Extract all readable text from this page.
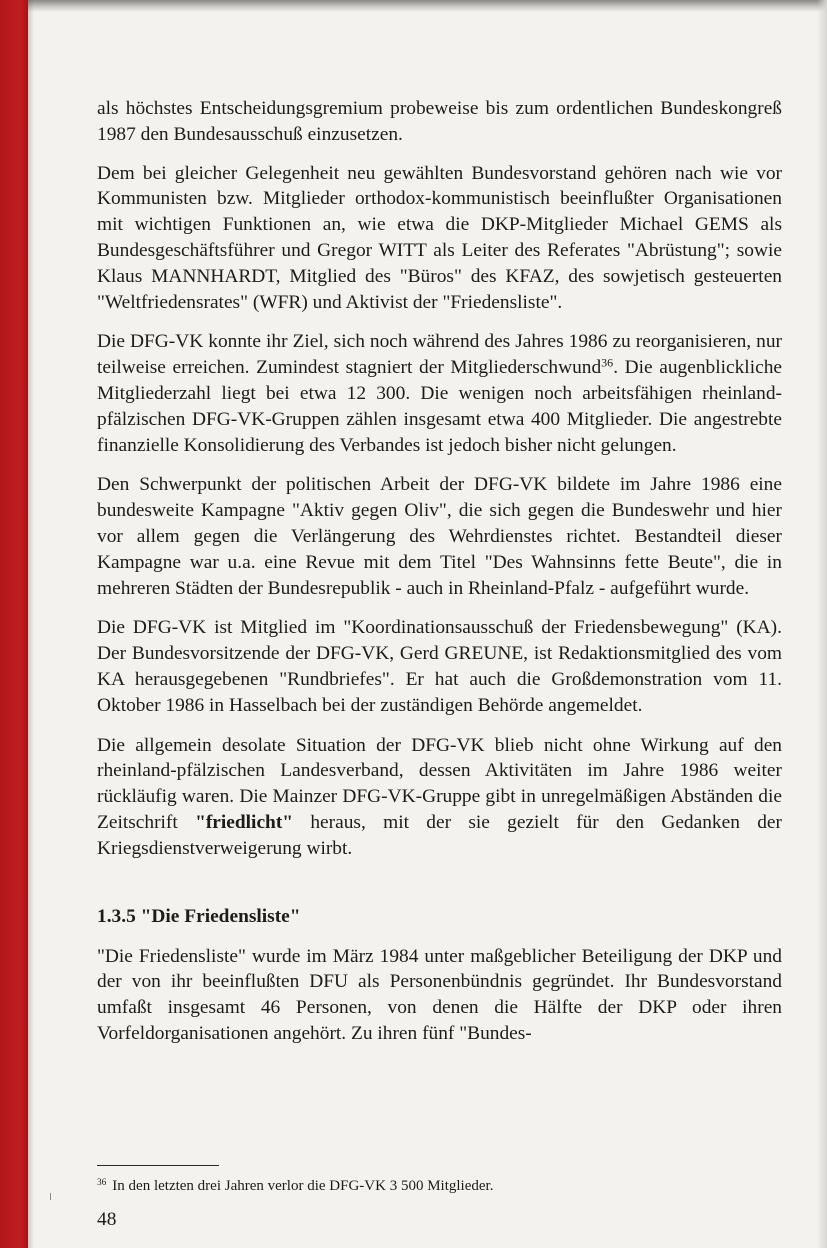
als höchstes Entscheidungsgremium probeweise bis zum ordentlichen Bundeskongreß 1987 den Bundesausschuß einzusetzen.

Dem bei gleicher Gelegenheit neu gewählten Bundesvorstand gehören nach wie vor Kommunisten bzw. Mitglieder orthodox-kommunistisch beeinflußter Organisationen mit wichtigen Funktionen an, wie etwa die DKP-Mitglieder Michael GEMS als Bundesgeschäftsführer und Gregor WITT als Leiter des Referates "Abrüstung"; sowie Klaus MANNHARDT, Mitglied des "Büros" des KFAZ, des sowjetisch gesteuerten "Weltfriedensrates" (WFR) und Aktivist der "Friedensliste".

Die DFG-VK konnte ihr Ziel, sich noch während des Jahres 1986 zu reorganisieren, nur teilweise erreichen. Zumindest stagniert der Mitgliederschwund$^{36}$. Die augenblickliche Mitgliederzahl liegt bei etwa 12 300. Die wenigen noch arbeitsfähigen rheinland-pfälzischen DFG-VK-Gruppen zählen insgesamt etwa 400 Mitglieder. Die angestrebte finanzielle Konsolidierung des Verbandes ist jedoch bisher nicht gelungen.

Den Schwerpunkt der politischen Arbeit der DFG-VK bildete im Jahre 1986 eine bundesweite Kampagne "Aktiv gegen Oliv", die sich gegen die Bundeswehr und hier vor allem gegen die Verlängerung des Wehrdienstes richtet. Bestandteil dieser Kampagne war u.a. eine Revue mit dem Titel "Des Wahnsinns fette Beute", die in mehreren Städten der Bundesrepublik - auch in Rheinland-Pfalz - aufgeführt wurde.

Die DFG-VK ist Mitglied im "Koordinationsausschuß der Friedensbewegung" (KA). Der Bundesvorsitzende der DFG-VK, Gerd GREUNE, ist Redaktionsmitglied des vom KA herausgegebenen "Rundbriefes". Er hat auch die Großdemonstration vom 11. Oktober 1986 in Hasselbach bei der zuständigen Behörde angemeldet.

Die allgemein desolate Situation der DFG-VK blieb nicht ohne Wirkung auf den rheinland-pfälzischen Landesverband, dessen Aktivitäten im Jahre 1986 weiter rückläufig waren. Die Mainzer DFG-VK-Gruppe gibt in unregelmäßigen Abständen die Zeitschrift "friedlicht" heraus, mit der sie gezielt für den Gedanken der Kriegsdienstverweigerung wirbt.

1.3.5 "Die Friedensliste"

"Die Friedensliste" wurde im März 1984 unter maßgeblicher Beteiligung der DKP und der von ihr beeinflußten DFU als Personenbündnis gegründet. Ihr Bundesvorstand umfaßt insgesamt 46 Personen, von denen die Hälfte der DKP oder ihren Vorfeldorganisationen angehört. Zu ihren fünf "Bundes-

$^{36}$ In den letzten drei Jahren verlor die DFG-VK 3 500 Mitglieder.
48
